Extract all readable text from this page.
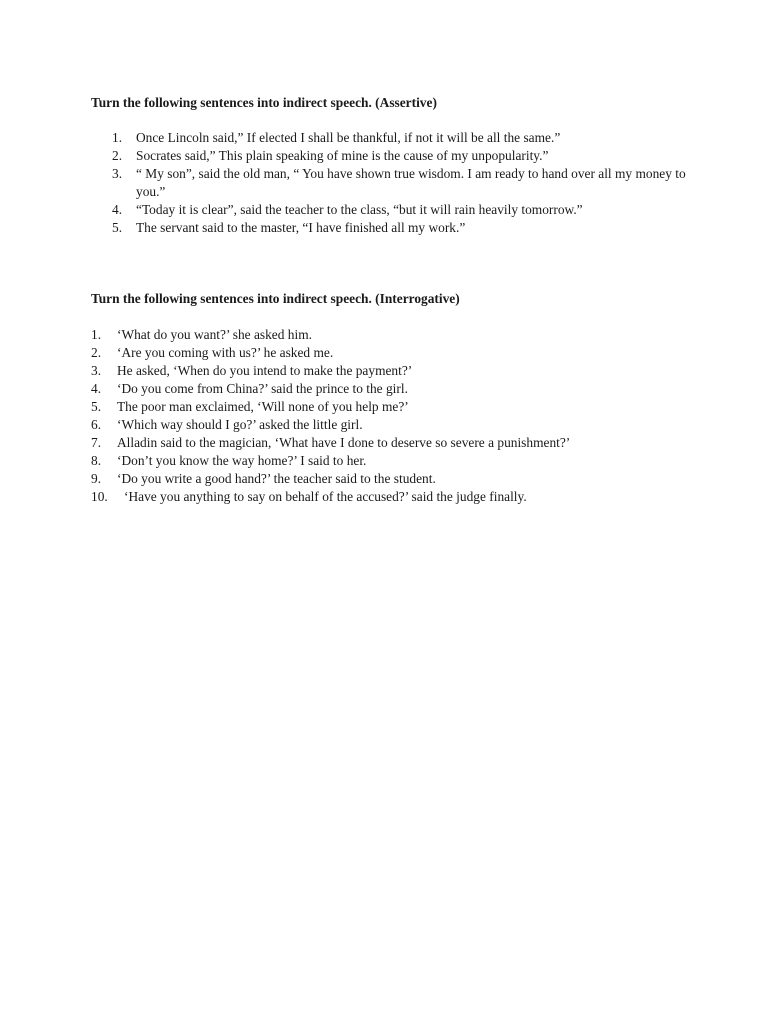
Turn the following sentences into indirect speech. (Assertive)
1. Once Lincoln said,” If elected I shall be thankful, if not it will be all the same.”
2. Socrates said,” This plain speaking of mine is the cause of my unpopularity.”
3. “ My son”, said the old man, “ You have shown true wisdom. I am ready to hand over all my money to you.”
4. “Today it is clear”, said the teacher to the class, “but it will rain heavily tomorrow.”
5. The servant said to the master, “I have finished all my work.”
Turn the following sentences into indirect speech. (Interrogative)
1. ‘What do you want?’ she asked him.
2. ‘Are you coming with us?’ he asked me.
3. He asked, ‘When do you intend to make the payment?’
4. ‘Do you come from China?’ said the prince to the girl.
5. The poor man exclaimed, ‘Will none of you help me?’
6. ‘Which way should I go?’ asked the little girl.
7. Alladin said to the magician, ‘What have I done to deserve so severe a punishment?’
8. ‘Don’t you know the way home?’ I said to her.
9. ‘Do you write a good hand?’ the teacher said to the student.
10. ‘Have you anything to say on behalf of the accused?’ said the judge finally.
